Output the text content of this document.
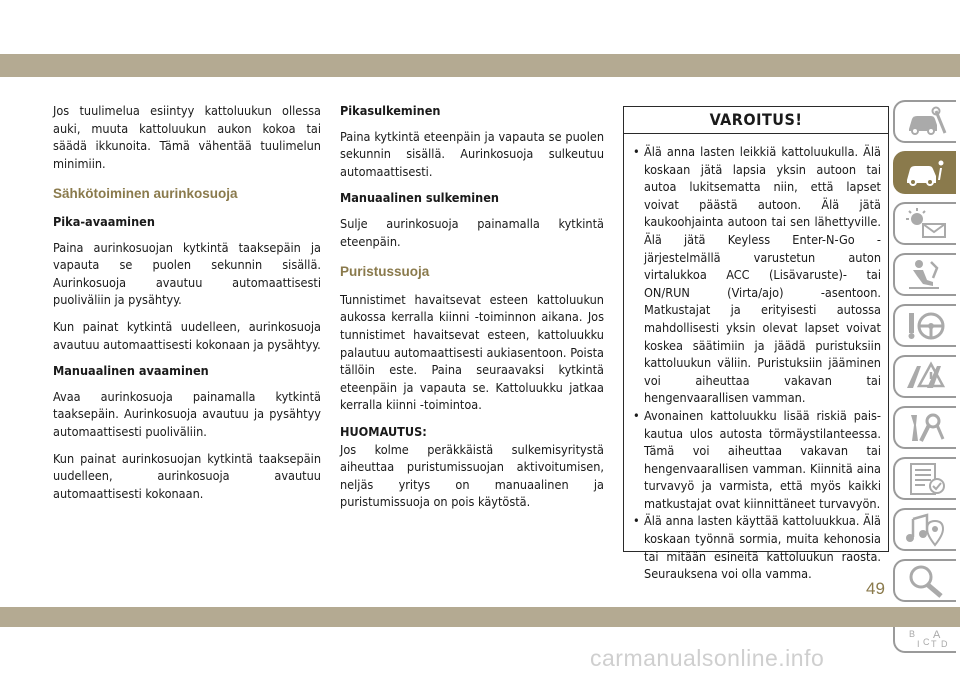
Jos tuulimelua esiintyy kattoluukun ollessa auki, muuta kattoluukun aukon kokoa tai säädä ikkunoita. Tämä vähentää tuulimelun minimiin.

Sähkötoiminen aurinkosuoja

Pika-avaaminen

Paina aurinkosuojan kytkintä taaksepäin ja vapauta se puolen sekunnin sisällä. Aurinkosuoja avautuu automaattisesti puoliväliin ja pysähtyy.

Kun painat kytkintä uudelleen, aurinkosuoja avautuu automaattisesti kokonaan ja pysähtyy.

Manuaalinen avaaminen

Avaa aurinkosuoja painamalla kytkintä taaksepäin. Aurinkosuoja avautuu ja pysähtyy automaattisesti puoliväliin.

Kun painat aurinkosuojan kytkintä taaksepäin uudelleen, aurinkosuoja avautuu automaattisesti kokonaan.

Pikasulkeminen

Paina kytkintä eteenpäin ja vapauta se puolen sekunnin sisällä. Aurinkosuoja sulkeutuu automaattisesti.

Manuaalinen sulkeminen

Sulje aurinkosuoja painamalla kytkintä eteenpäin.

Puristussuoja

Tunnistimet havaitsevat esteen kattoluukun aukossa kerralla kiinni -toiminnon aikana. Jos tunnistimet havaitsevat esteen, kattoluukku palautuu automaattisesti aukiasentoon. Poista tällöin este. Paina seuraavaksi kytkintä eteenpäin ja vapauta se. Kattoluukku jatkaa kerralla kiinni -toimintoa.

HUOMAUTUS:

Jos kolme peräkkäistä sulkemisyritystä aiheuttaa puristumissuojan aktivoitumisen, neljäs yritys on manuaalinen ja puristumissuoja on pois käytöstä.

VAROITUS!
• Älä anna lasten leikkiä kattoluukulla. Älä koskaan jätä lapsia yksin autoon tai autoa lukitsematta niin, että lapset voivat päästä autoon. Älä jätä kaukoohjainta autoon tai sen lähettyville. Älä jätä Keyless Enter-N-Go -järjestelmällä varustetun auton virtalukkoa ACC (Lisävaruste)- tai ON/RUN (Virta/ajo) -asentoon. Matkustajat ja erityisesti autossa mahdollisesti yksin olevat lapset voivat koskea säätimiin ja jäädä puristuksiin kattoluukun väliin. Puristuksiin jääminen voi aiheuttaa vakavan tai hengenvaarallisen vamman.
• Avonainen kattoluukku lisää riskiä pais- kautua ulos autosta törmäystilanteessa. Tämä voi aiheuttaa vakavan tai hengenvaarallisen vamman. Kiinnitä aina turvavyö ja varmista, että myös kaikki matkustajat ovat kiinnittäneet turvavyön.
• Älä anna lasten käyttää kattoluukkua. Älä koskaan työnnä sormia, muita kehonosia tai mitään esineitä kattoluukun raosta. Seurauksena voi olla vamma.
B A
I C T D
49
carmanualsonline.info
